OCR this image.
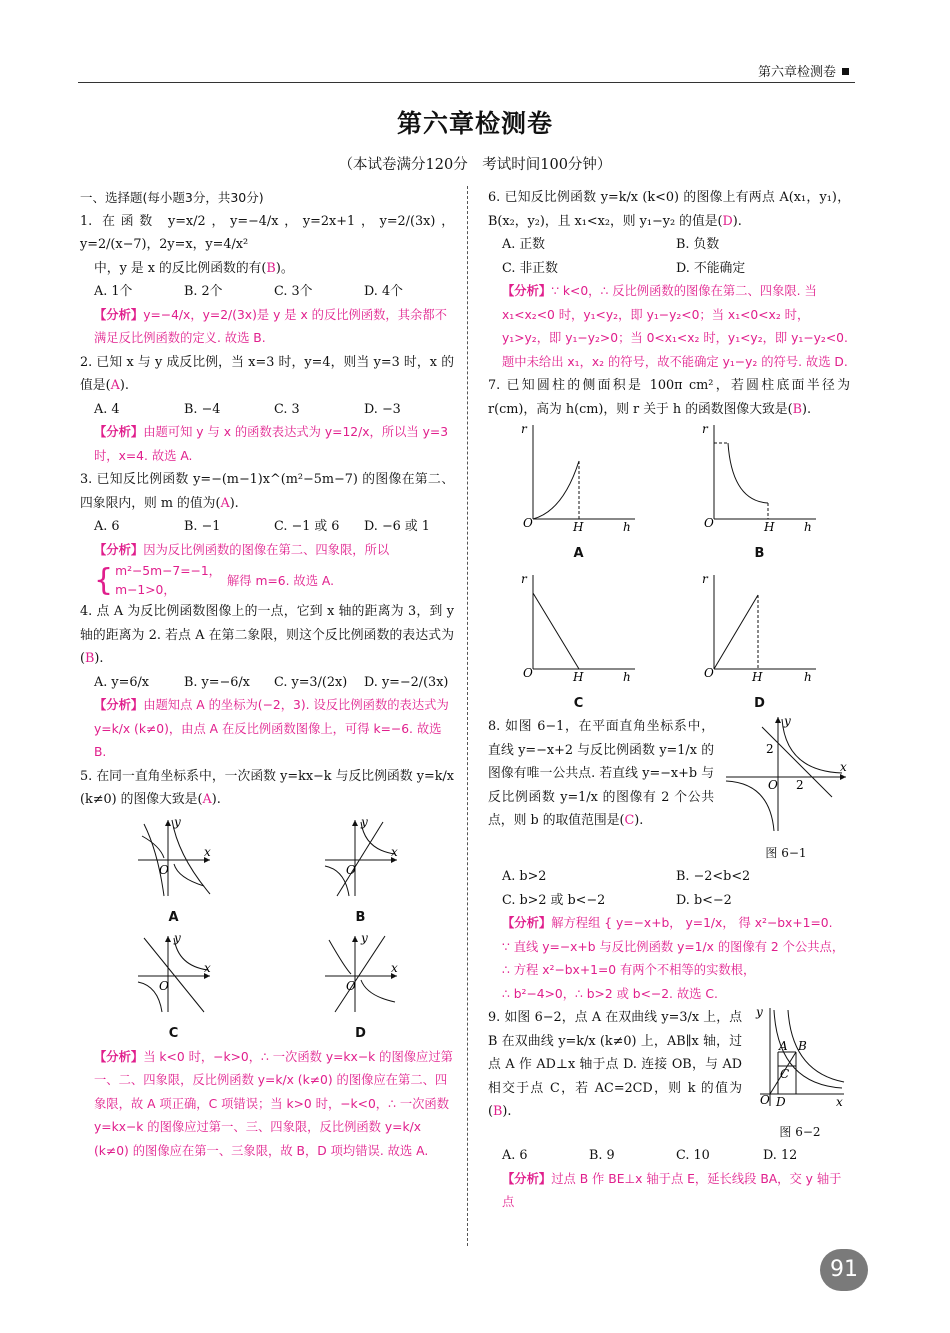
第六章检测卷
第六章检测卷
（本试卷满分120分　考试时间100分钟）

一、选择题(每小题3分，共30分)

1. 在函数 y=x/2，y=−4/x，y=2x+1，y=2/(3x)，y=2/(x−7)，2y=x，y=4/x²

中，y 是 x 的反比例函数的有(B)。

A. 1个	B. 2个	C. 3个	D. 4个

【分析】y=−4/x，y=2/(3x)是 y 是 x 的反比例函数，其余都不满足反比例函数的定义. 故选 B.

2. 已知 x 与 y 成反比例，当 x=3 时，y=4，则当 y=3 时，x 的值是(A).

A. 4	B. −4	C. 3	D. −3

【分析】由题可知 y 与 x 的函数表达式为 y=12/x，所以当 y=3 时，x=4. 故选 A.

3. 已知反比例函数 y=−(m−1)x^(m²−5m−7) 的图像在第二、四象限内，则 m 的值为(A).

A. 6	B. −1	C. −1 或 6	D. −6 或 1

【分析】因为反比例函数的图像在第二、四象限，所以

{ m²−5m−7=−1，
m−1>0，
解得 m=6. 故选 A.

4. 点 A 为反比例函数图像上的一点，它到 x 轴的距离为 3，到 y 轴的距离为 2. 若点 A 在第二象限，则这个反比例函数的表达式为(B).

A. y=6/x	B. y=−6/x	C. y=3/(2x)	D. y=−2/(3x)

【分析】由题知点 A 的坐标为(−2，3). 设反比例函数的表达式为 y=k/x (k≠0)，由点 A 在反比例函数图像上，可得 k=−6. 故选 B.

5. 在同一直角坐标系中，一次函数 y=kx−k 与反比例函数 y=k/x (k≠0) 的图像大致是(A).

O
y
x
A
O
y
x
B
O
y
x
C
O
y
x
D

【分析】当 k<0 时，−k>0，∴ 一次函数 y=kx−k 的图像应过第一、二、四象限，反比例函数 y=k/x (k≠0) 的图像应在第二、四象限，故 A 项正确，C 项错误；当 k>0 时，−k<0，∴ 一次函数 y=kx−k 的图像应过第一、三、四象限，反比例函数 y=k/x (k≠0) 的图像应在第一、三象限，故 B，D 项均错误. 故选 A.

6. 已知反比例函数 y=k/x (k<0) 的图像上有两点 A(x₁，y₁)，B(x₂，y₂)，且 x₁<x₂，则 y₁−y₂ 的值是(D).

A. 正数	B. 负数
C. 非正数	D. 不能确定

【分析】∵ k<0，∴ 反比例函数的图像在第二、四象限. 当 x₁<x₂<0 时，y₁<y₂，即 y₁−y₂<0；当 x₁<0<x₂ 时，y₁>y₂，即 y₁−y₂>0；当 0<x₁<x₂ 时，y₁<y₂，即 y₁−y₂<0. 题中未给出 x₁，x₂ 的符号，故不能确定 y₁−y₂ 的符号. 故选 D.

7. 已知圆柱的侧面积是 100π cm²，若圆柱底面半径为 r(cm)，高为 h(cm)，则 r 关于 h 的函数图像大致是(B).

O	H	h
r
A
O	H h
r
B
O	H	h
r
C
O	H	h
r
D

8. 如图 6−1，在平面直角坐标系中，直线 y=−x+2 与反比例函数 y=1/x 的图像有唯一公共点. 若直线 y=−x+b 与反比例函数 y=1/x 的图像有 2 个公共点，则 b 的取值范围是(C).

O
y
x
2
2
图 6−1
A. b>2	B. −2<b<2
C. b>2 或 b<−2	D. b<−2

【分析】解方程组 { y=−x+b， y=1/x， 得 x²−bx+1=0.

∵ 直线 y=−x+b 与反比例函数 y=1/x 的图像有 2 个公共点，

∴ 方程 x²−bx+1=0 有两个不相等的实数根，

∴ b²−4>0，∴ b>2 或 b<−2. 故选 C.

9. 如图 6−2，点 A 在双曲线 y=3/x 上，点 B 在双曲线 y=k/x (k≠0) 上，AB∥x 轴，过点 A 作 AD⊥x 轴于点 D. 连接 OB，与 AD 相交于点 C，若 AC=2CD，则 k 的值为(B).

O D
A B
C
x
y
图 6−2
A. 6	B. 9	C. 10	D. 12

【分析】过点 B 作 BE⊥x 轴于点 E，延长线段 BA，交 y 轴于点

91
